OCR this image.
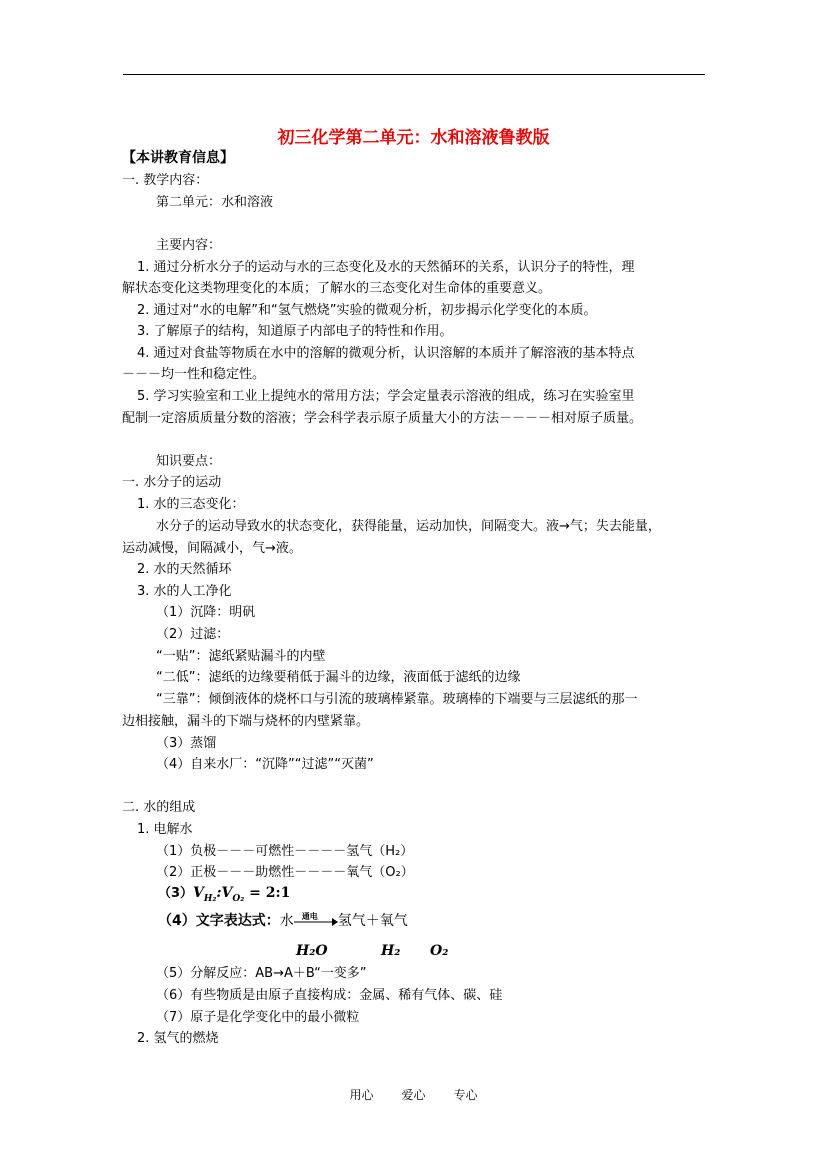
初三化学第二单元：水和溶液鲁教版
【本讲教育信息】
一. 教学内容：
第二单元：水和溶液
主要内容：
1. 通过分析水分子的运动与水的三态变化及水的天然循环的关系，认识分子的特性，理
解状态变化这类物理变化的本质；了解水的三态变化对生命体的重要意义。
2. 通过对“水的电解”和“氢气燃烧”实验的微观分析，初步揭示化学变化的本质。
3. 了解原子的结构，知道原子内部电子的特性和作用。
4. 通过对食盐等物质在水中的溶解的微观分析，认识溶解的本质并了解溶液的基本特点
－－－均一性和稳定性。
5. 学习实验室和工业上提纯水的常用方法；学会定量表示溶液的组成，练习在实验室里
配制一定溶质质量分数的溶液；学会科学表示原子质量大小的方法－－－－相对原子质量。
知识要点：
一. 水分子的运动
1. 水的三态变化：
水分子的运动导致水的状态变化，获得能量，运动加快，间隔变大。液→气；失去能量，
运动减慢，间隔减小，气→液。
2. 水的天然循环
3. 水的人工净化
（1）沉降：明矾
（2）过滤：
“一贴”：滤纸紧贴漏斗的内壁
“二低”：滤纸的边缘要稍低于漏斗的边缘，液面低于滤纸的边缘
“三靠”：倾倒液体的烧杯口与引流的玻璃棒紧靠。玻璃棒的下端要与三层滤纸的那一
边相接触，漏斗的下端与烧杯的内壁紧靠。
（3）蒸馏
（4）自来水厂：“沉降”“过滤”“灭菌”
二. 水的组成
1. 电解水
（1）负极－－－可燃性－－－－氢气（H₂）
（2）正极－－－助燃性－－－－氧气（O₂）
$(3)V_{H_2}:V_{O_2}$ = 2:1
（4）文字表达式：水 通电 氢气＋氧气
H₂O	H₂ O₂
（5）分解反应：AB→A＋B“一变多”
（6）有些物质是由原子直接构成：金属、稀有气体、碳、硅
（7）原子是化学变化中的最小微粒
2. 氢气的燃烧
用心 爱心 专心
